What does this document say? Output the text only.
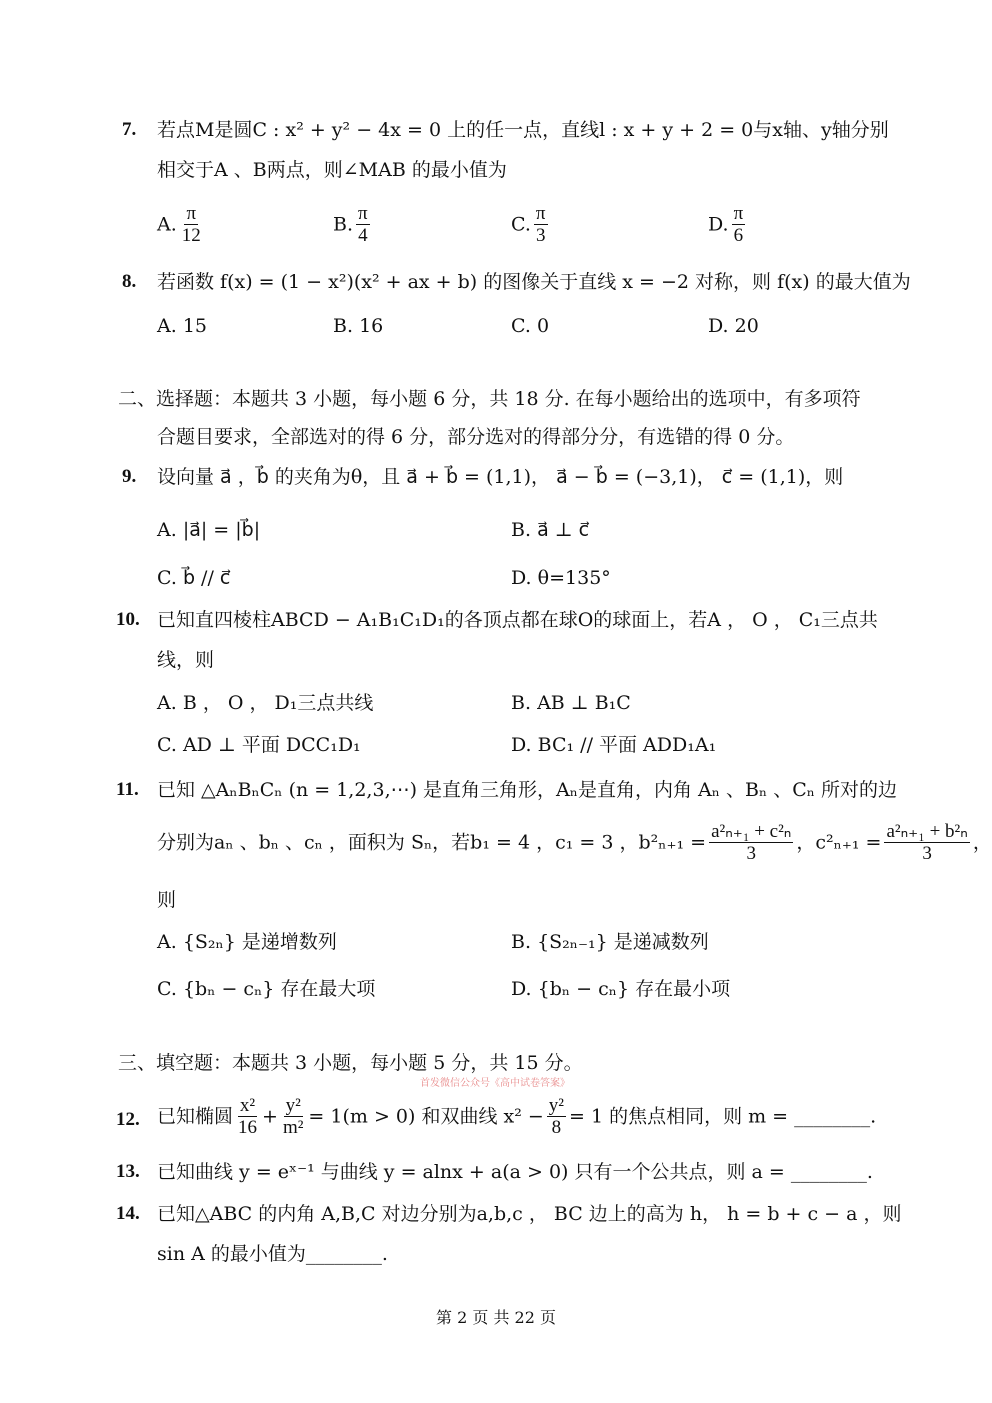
7. 若点M是圆C : x² + y² − 4x = 0 上的任一点，直线l : x + y + 2 = 0与x轴、y轴分别
相交于A 、B两点，则∠MAB 的最小值为
A. $\frac{\pi}{12}$	B. $\frac{\pi}{4}$	C. $\frac{\pi}{3}$	D. $\frac{\pi}{6}$
8. 若函数 f(x) = (1 − x²)(x² + ax + b) 的图像关于直线 x = −2 对称，则 f(x) 的最大值为
A. 15	B. 16	C. 0	D. 20
二、选择题：本题共 3 小题，每小题 6 分，共 18 分. 在每小题给出的选项中，有多项符
合题目要求，全部选对的得 6 分，部分选对的得部分分，有选错的得 0 分。
9. 设向量 a⃗ ，b⃗ 的夹角为θ，且 a⃗ + b⃗ = (1,1)， a⃗ − b⃗ = (−3,1)， c⃗ = (1,1)，则
A. |a⃗| = |b⃗|	B. a⃗ ⊥ c⃗
C. b⃗ // c⃗	D. θ=135°
10. 已知直四棱柱ABCD − A₁B₁C₁D₁的各顶点都在球O的球面上，若A ， O ， C₁三点共
线，则
A. B ， O ， D₁三点共线	B. AB ⊥ B₁C
C. AD ⊥ 平面 DCC₁D₁	D. BC₁ // 平面 ADD₁A₁
11. 已知 △AₙBₙCₙ (n = 1,2,3,⋯) 是直角三角形，Aₙ是直角，内角 Aₙ 、Bₙ 、Cₙ 所对的边
分别为aₙ 、bₙ 、cₙ ，面积为 Sₙ，若b₁ = 4 ，c₁ = 3 ，$b^2_{n+1} = \frac{\text{a²ₙ₊₁ + c²ₙ}}{3}$ ，$c^2_{n+1} = \frac{\text{a²ₙ₊₁ + b²ₙ}}{3}$ ，
则
A. {S₂ₙ} 是递增数列	B. {S₂ₙ₋₁} 是递减数列
C. {bₙ − cₙ} 存在最大项	D. {bₙ − cₙ} 存在最小项
三、填空题：本题共 3 小题，每小题 5 分，共 15 分。
首发微信公众号《高中试卷答案》
12. 已知椭圆 $\frac{\text{x²}}{16} + \frac{\text{y²}}{\text{m²}} = 1(m > 0)$ 和双曲线 $x^2 - \frac{\text{y²}}{8} = 1$ 的焦点相同，则 m = ________.
13. 已知曲线 y = eˣ⁻¹ 与曲线 y = alnx + a(a > 0) 只有一个公共点，则 a = ________.
14. 已知△ABC 的内角 A,B,C 对边分别为a,b,c ， BC 边上的高为 h， h = b + c − a ，则
sin A 的最小值为________.
第 2 页 共 22 页
